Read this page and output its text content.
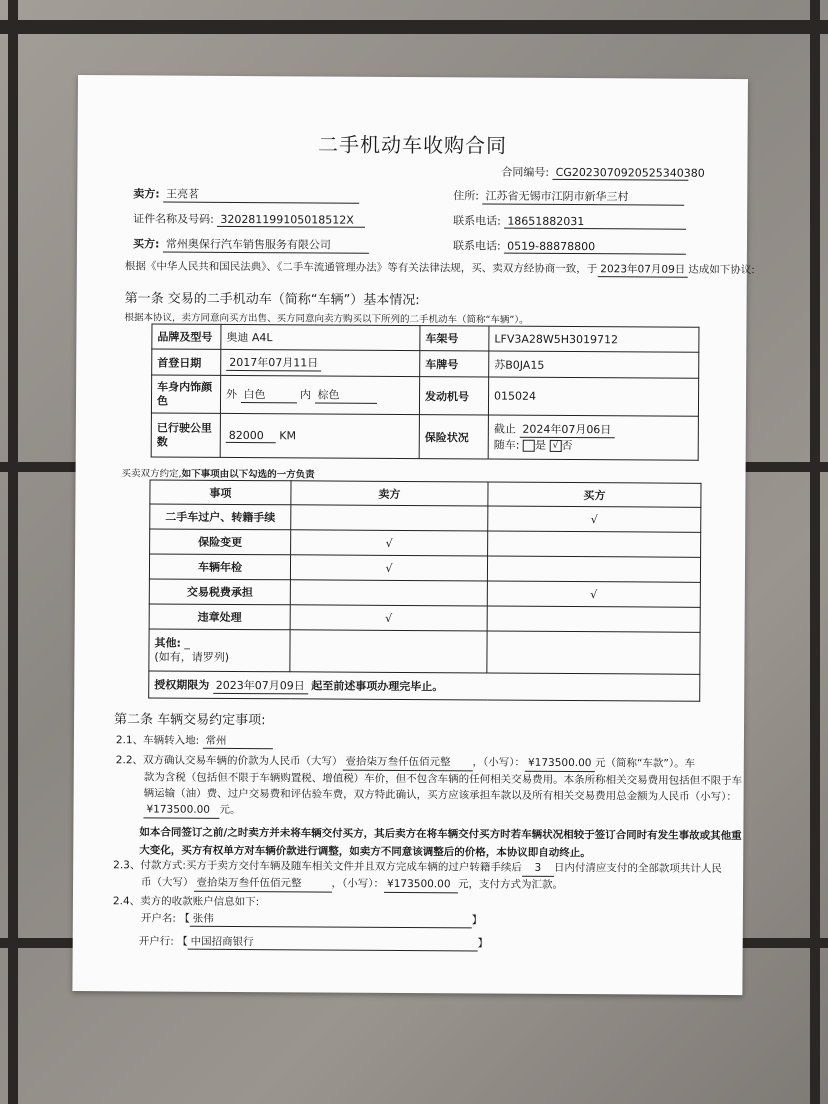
二手机动车收购合同
合同编号: CG2023070920525340380
卖方: 王亮茗	住所: 江苏省无锡市江阴市新华三村
证件名称及号码: 320281199105018512X	联系电话: 18651882031
买方: 常州奥保行汽车销售服务有限公司	联系电话: 0519-88878800
根据《中华人民共和国民法典》、《二手车流通管理办法》等有关法律法规，买、卖双方经协商一致，于 2023年07月09日 达成如下协议:
第一条 交易的二手机动车（简称“车辆”）基本情况:
根据本协议，卖方同意向买方出售、买方同意向卖方购买以下所列的二手机动车（简称“车辆”）。
品牌及型号	奥迪 A4L	车架号	LFV3A28W5H3019712
首登日期	2017年07月11日	车牌号	苏B0JA15
车身内饰颜色	外 白色 内 棕色	发动机号	015024
已行驶公里数	82000 KM	保险状况	截止 2024年07月06日
随车: 是 √ 否
买卖双方约定,如下事项由以下勾选的一方负责
事项	卖方	买方
二手车过户、转籍手续		√
保险变更	√	
车辆年检	√	
交易税费承担		√
违章处理	√	

其他: _
(如有，请罗列)		

授权期限为 2023年07月09日 起至前述事项办理完毕止。		
第二条 车辆交易约定事项:
2.1、车辆转入地: 常州
2.2、双方确认交易车辆的价款为人民币（大写） 壹拾柒万叁仟伍佰元整 ，（小写）： ¥173500.00 元（简称“车款”）。车
款为含税（包括但不限于车辆购置税、增值税）车价，但不包含车辆的任何相关交易费用。本条所称相关交易费用包括但不限于车
辆运输（油）费、过户交易费和评估验车费，双方特此确认，买方应该承担车款以及所有相关交易费用总金额为人民币（小写）：
¥173500.00 元。
如本合同签订之前/之时卖方并未将车辆交付买方，其后卖方在将车辆交付买方时若车辆状况相较于签订合同时有发生事故或其他重
大变化，买方有权单方对车辆价款进行调整，如卖方不同意该调整后的价格，本协议即自动终止。
2.3、付款方式:买方于卖方交付车辆及随车相关文件并且双方完成车辆的过户转籍手续后 3 日内付清应支付的全部款项共计人民
币（大写） 壹拾柒万叁仟伍佰元整	，（小写）： ¥173500.00 元，支付方式为汇款。
2.4、卖方的收款账户信息如下:
开户名: 【 张伟	】
开户行: 【 中国招商银行	】
